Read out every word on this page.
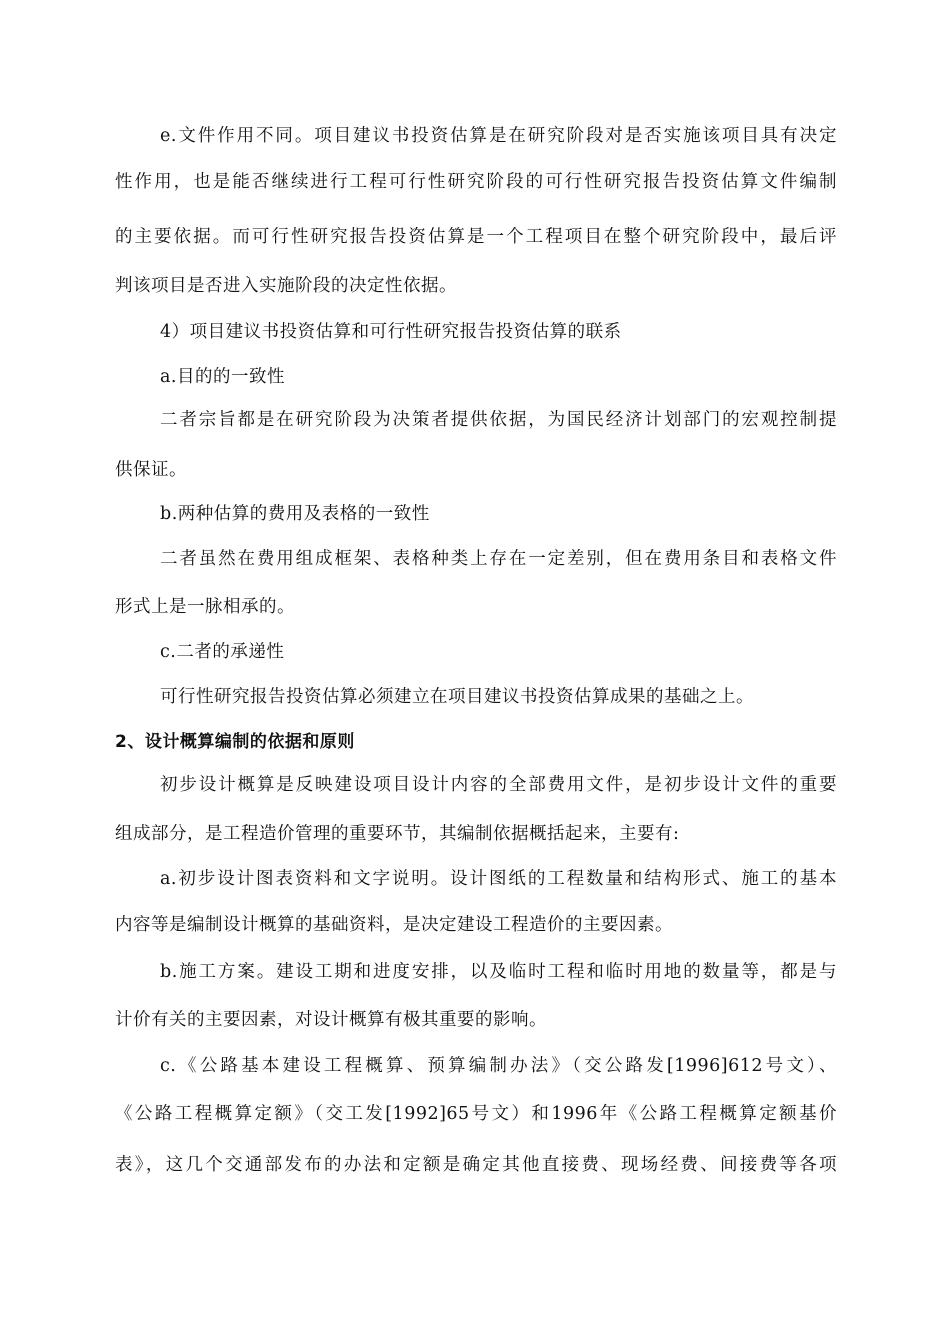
e.文件作用不同。项目建议书投资估算是在研究阶段对是否实施该项目具有决定
性作用，也是能否继续进行工程可行性研究阶段的可行性研究报告投资估算文件编制
的主要依据。而可行性研究报告投资估算是一个工程项目在整个研究阶段中，最后评
判该项目是否进入实施阶段的决定性依据。
4）项目建议书投资估算和可行性研究报告投资估算的联系
a.目的的一致性
二者宗旨都是在研究阶段为决策者提供依据，为国民经济计划部门的宏观控制提
供保证。
b.两种估算的费用及表格的一致性
二者虽然在费用组成框架、表格种类上存在一定差别，但在费用条目和表格文件
形式上是一脉相承的。
c.二者的承递性
可行性研究报告投资估算必须建立在项目建议书投资估算成果的基础之上。
2、设计概算编制的依据和原则
初步设计概算是反映建设项目设计内容的全部费用文件，是初步设计文件的重要
组成部分，是工程造价管理的重要环节，其编制依据概括起来，主要有:
a.初步设计图表资料和文字说明。设计图纸的工程数量和结构形式、施工的基本
内容等是编制设计概算的基础资料，是决定建设工程造价的主要因素。
b.施工方案。建设工期和进度安排，以及临时工程和临时用地的数量等，都是与
计价有关的主要因素，对设计概算有极其重要的影响。
c.《公路基本建设工程概算、预算编制办法》（交公路发[1996]612号文）、
《公路工程概算定额》（交工发[1992]65号文）和1996年《公路工程概算定额基价
表》，这几个交通部发布的办法和定额是确定其他直接费、现场经费、间接费等各项
